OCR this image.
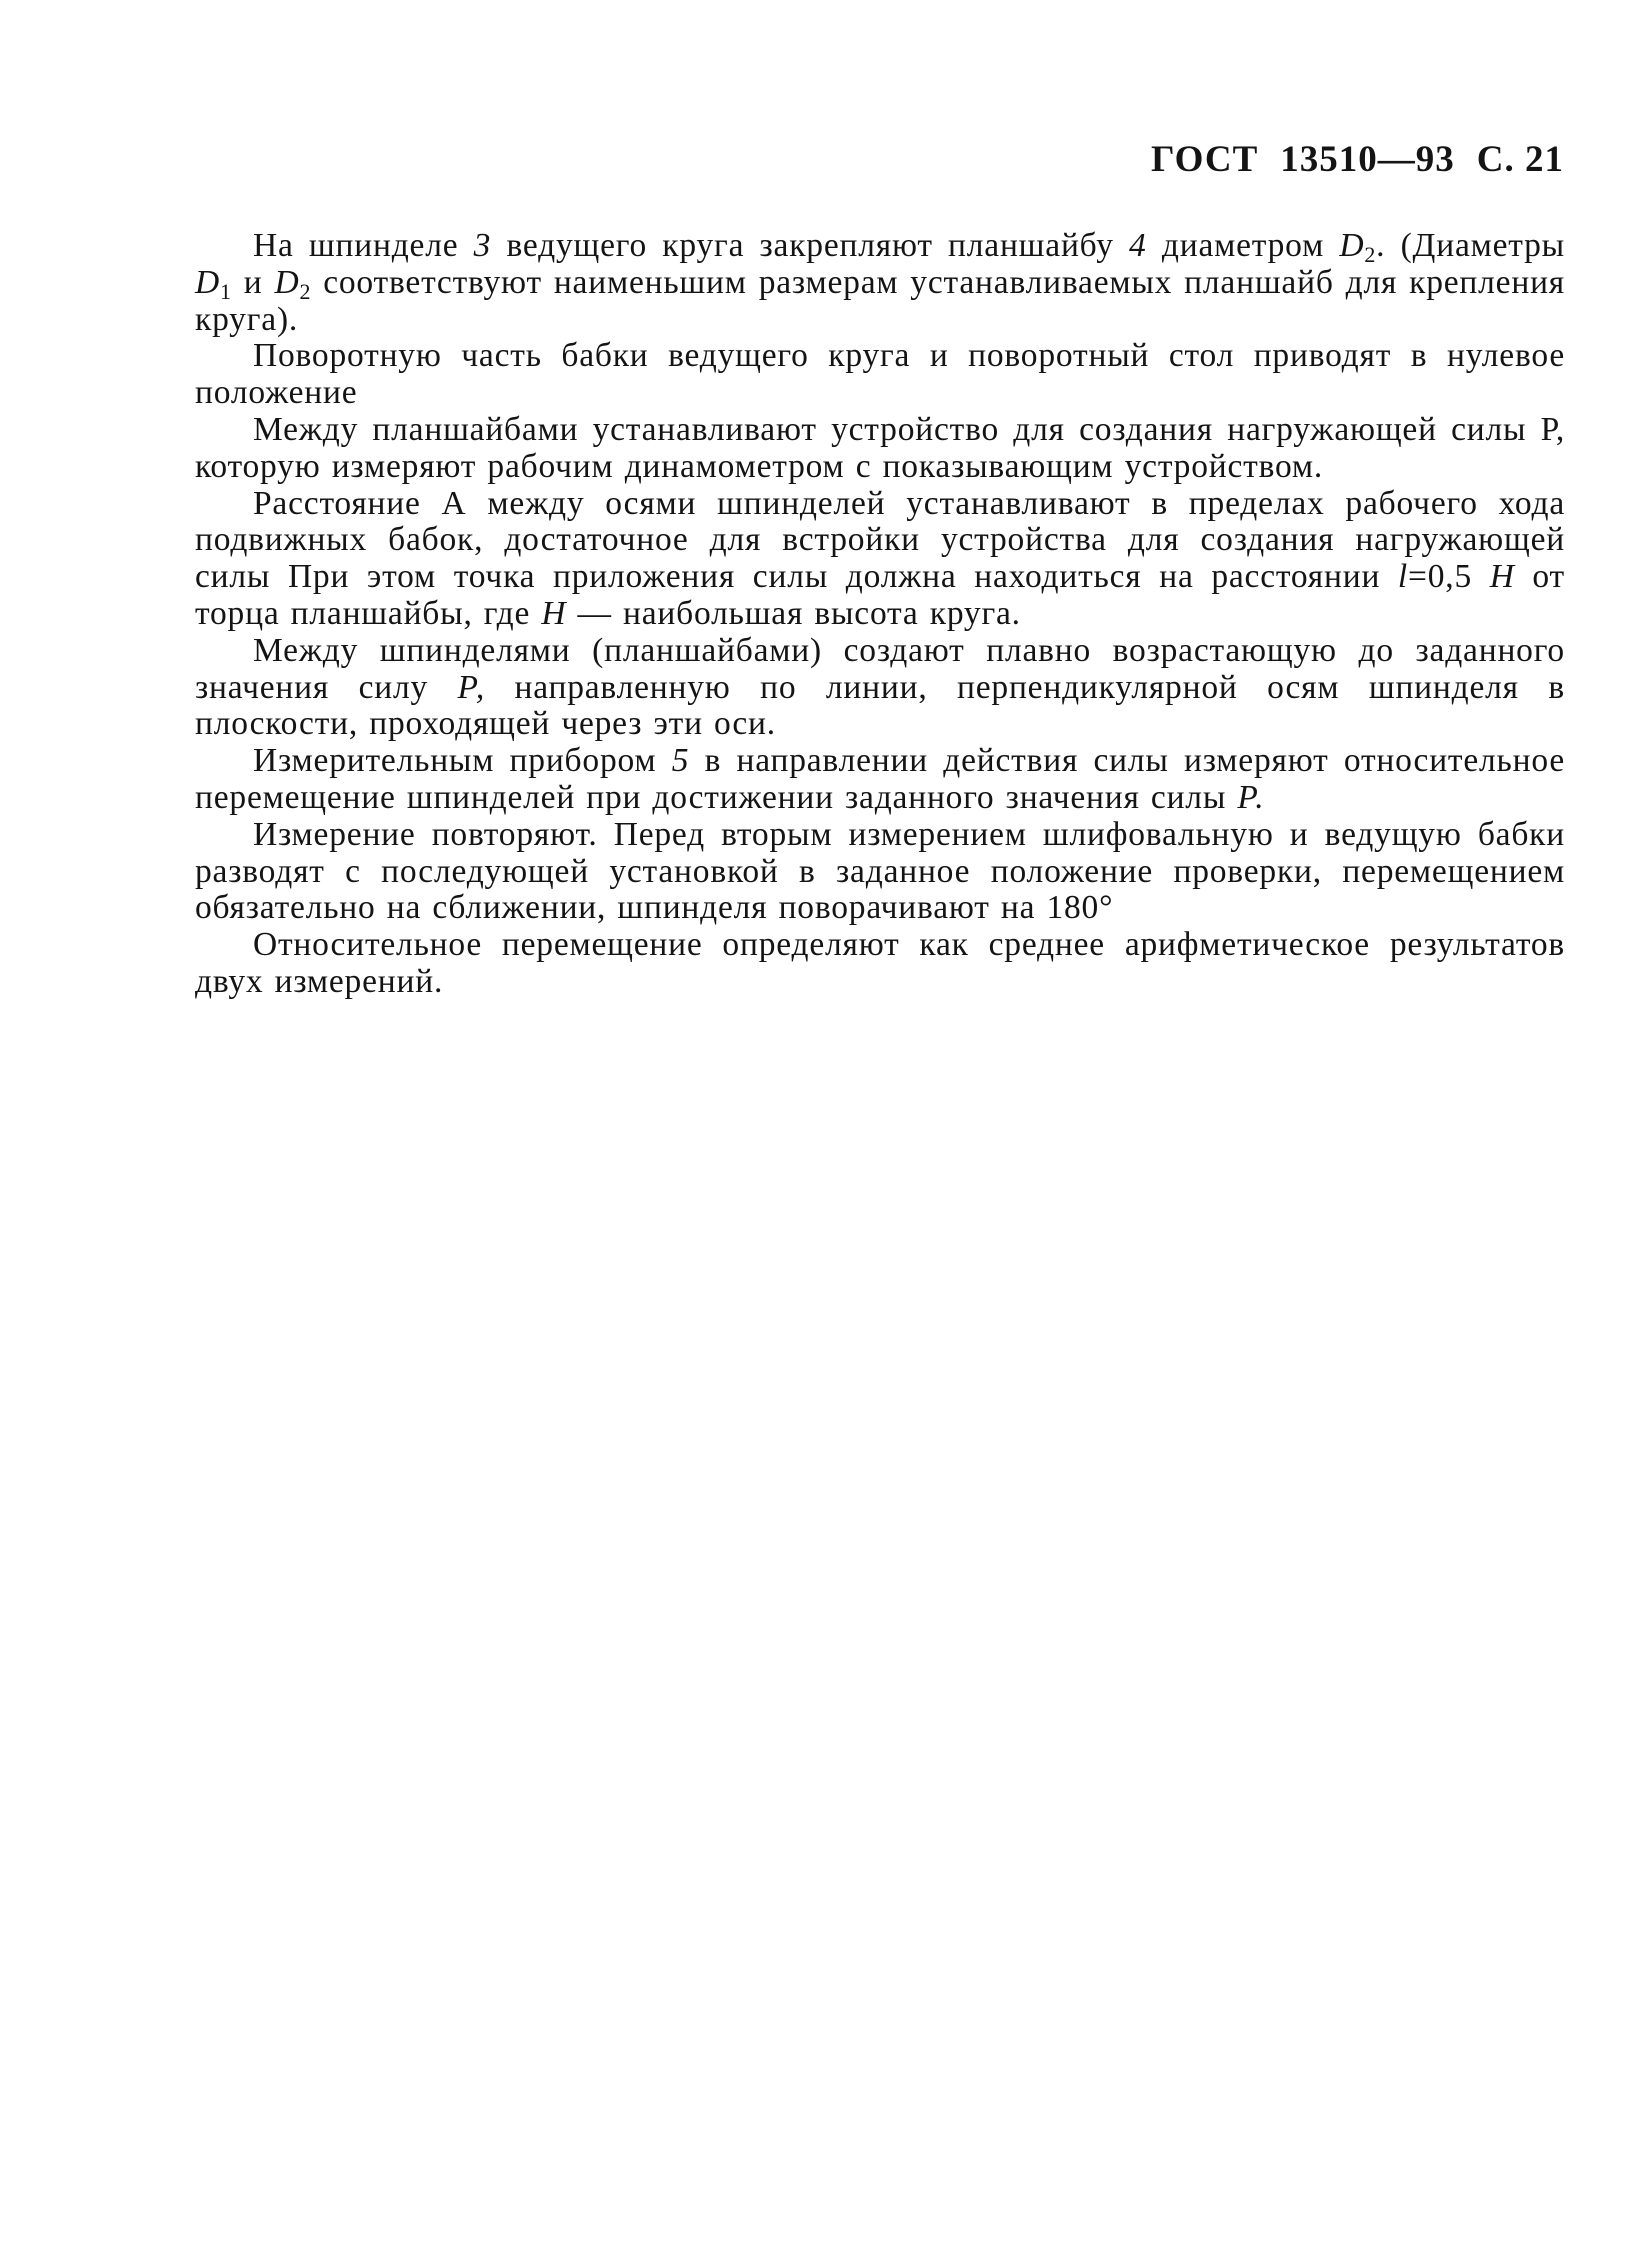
ГОСТ 13510—93 С. 21

На шпинделе 3 ведущего круга закрепляют планшайбу 4 диаметром $D_2$. (Диаметры $D_1$ и $D_2$ соответствуют наименьшим размерам устанавливаемых планшайб для крепления круга).

Поворотную часть бабки ведущего круга и поворотный стол приводят в нулевое положение

Между планшайбами устанавливают устройство для создания нагружающей силы Р, которую измеряют рабочим динамометром с показывающим устройством.

Расстояние А между осями шпинделей устанавливают в пределах рабочего хода подвижных бабок, достаточное для встройки устройства для создания нагружающей силы При этом точка приложения силы должна находиться на расстоянии l=0,5 H от торца планшайбы, где H — наибольшая высота круга.

Между шпинделями (планшайбами) создают плавно возрастающую до заданного значения силу Р, направленную по линии, перпендикулярной осям шпинделя в плоскости, проходящей через эти оси.

Измерительным прибором 5 в направлении действия силы измеряют относительное перемещение шпинделей при достижении заданного значения силы Р.

Измерение повторяют. Перед вторым измерением шлифовальную и ведущую бабки разводят с последующей установкой в заданное положение проверки, перемещением обязательно на сближении, шпинделя поворачивают на 180°

Относительное перемещение определяют как среднее арифметическое результатов двух измерений.
